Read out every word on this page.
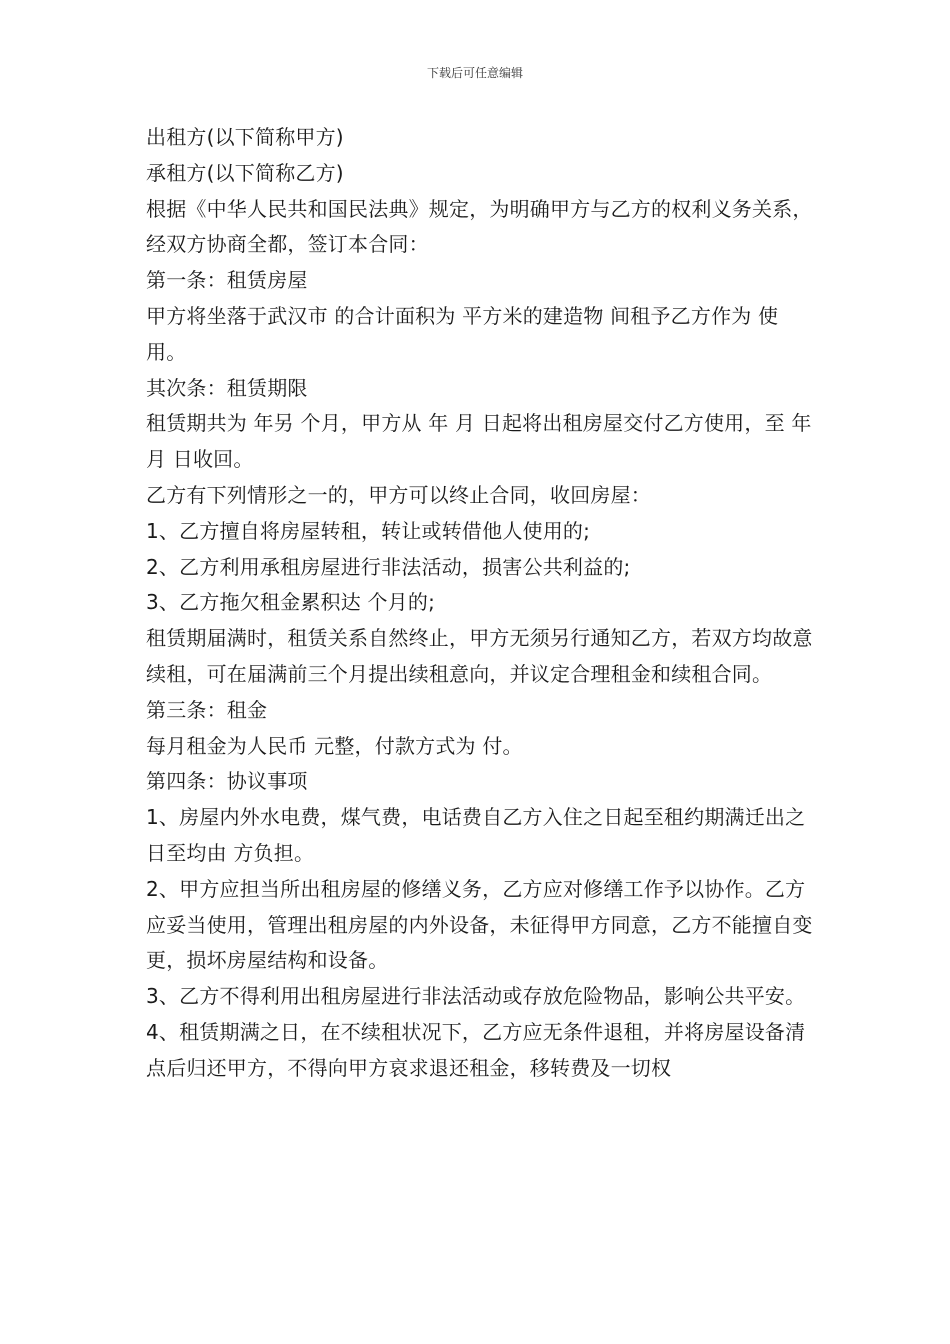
下载后可任意编辑

出租方(以下简称甲方)

承租方(以下简称乙方)

根据《中华人民共和国民法典》规定，为明确甲方与乙方的权利义务关系，经双方协商全都，签订本合同：

第一条：租赁房屋

甲方将坐落于武汉市 的合计面积为 平方米的建造物 间租予乙方作为 使用。

其次条：租赁期限

租赁期共为 年另 个月，甲方从 年 月 日起将出租房屋交付乙方使用，至 年 月 日收回。

乙方有下列情形之一的，甲方可以终止合同，收回房屋：

1、乙方擅自将房屋转租，转让或转借他人使用的;

2、乙方利用承租房屋进行非法活动，损害公共利益的;

3、乙方拖欠租金累积达 个月的;

租赁期届满时，租赁关系自然终止，甲方无须另行通知乙方，若双方均故意续租，可在届满前三个月提出续租意向，并议定合理租金和续租合同。

第三条：租金

每月租金为人民币 元整，付款方式为 付。

第四条：协议事项

1、房屋内外水电费，煤气费，电话费自乙方入住之日起至租约期满迁出之日至均由 方负担。

2、甲方应担当所出租房屋的修缮义务，乙方应对修缮工作予以协作。乙方应妥当使用，管理出租房屋的内外设备，未征得甲方同意，乙方不能擅自变更，损坏房屋结构和设备。

3、乙方不得利用出租房屋进行非法活动或存放危险物品，影响公共平安。

4、租赁期满之日，在不续租状况下，乙方应无条件退租，并将房屋设备清点后归还甲方，不得向甲方哀求退还租金，移转费及一切权
